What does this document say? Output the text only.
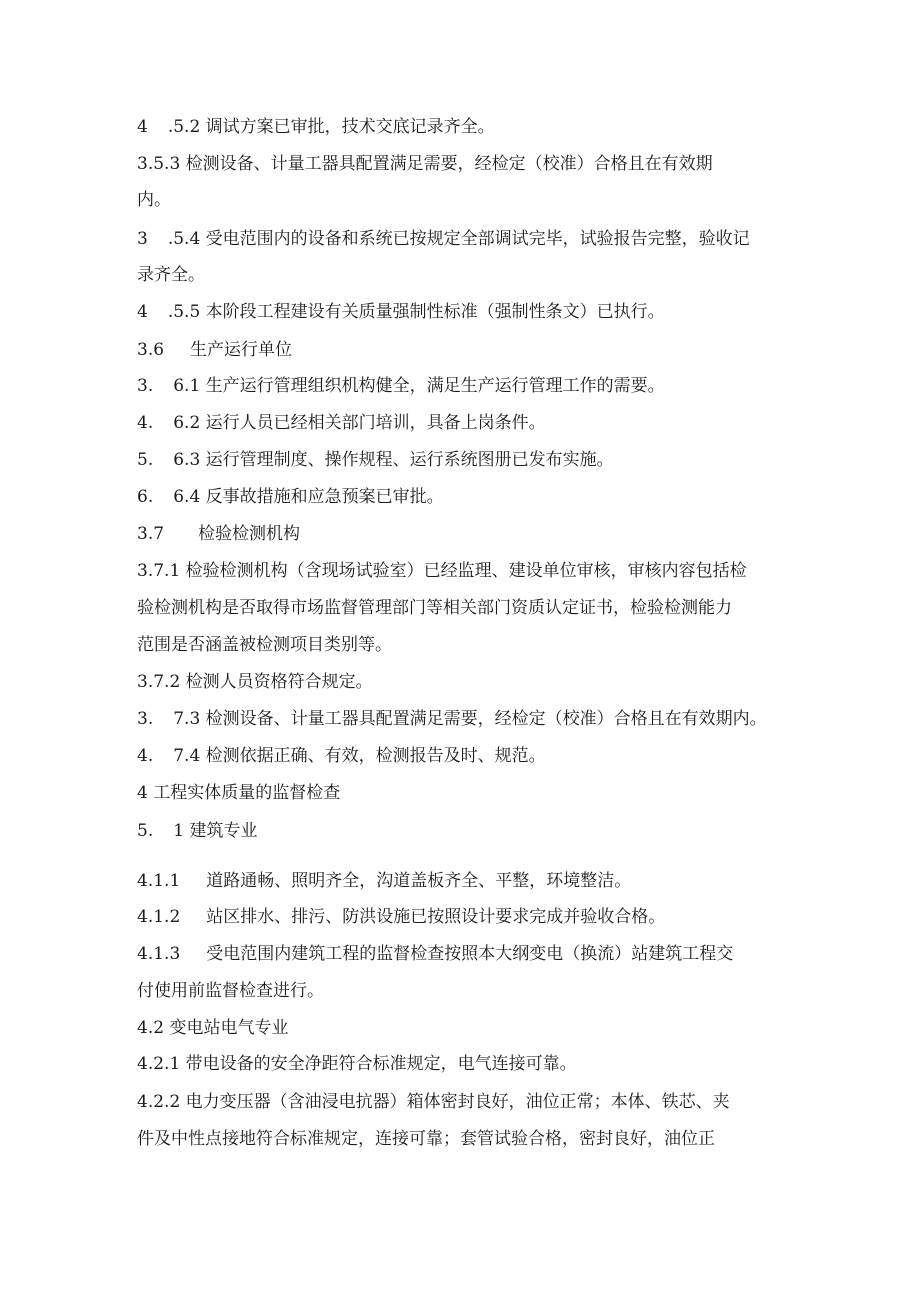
4 .5.2 调试方案已审批，技术交底记录齐全。
3.5.3 检测设备、计量工器具配置满足需要，经检定（校准）合格且在有效期
内。
3 .5.4 受电范围内的设备和系统已按规定全部调试完毕，试验报告完整，验收记
录齐全。
4 .5.5 本阶段工程建设有关质量强制性标准（强制性条文）已执行。
3.6 生产运行单位
3. 6.1 生产运行管理组织机构健全，满足生产运行管理工作的需要。
4. 6.2 运行人员已经相关部门培训，具备上岗条件。
5. 6.3 运行管理制度、操作规程、运行系统图册已发布实施。
6. 6.4 反事故措施和应急预案已审批。
3.7 检验检测机构
3.7.1 检验检测机构（含现场试验室）已经监理、建设单位审核，审核内容包括检
验检测机构是否取得市场监督管理部门等相关部门资质认定证书，检验检测能力
范围是否涵盖被检测项目类别等。
3.7.2 检测人员资格符合规定。
3. 7.3 检测设备、计量工器具配置满足需要，经检定（校准）合格且在有效期内。
4. 7.4 检测依据正确、有效，检测报告及时、规范。
4 工程实体质量的监督检查
5. 1 建筑专业
4.1.1 道路通畅、照明齐全，沟道盖板齐全、平整，环境整洁。
4.1.2 站区排水、排污、防洪设施已按照设计要求完成并验收合格。
4.1.3 受电范围内建筑工程的监督检查按照本大纲变电（换流）站建筑工程交
付使用前监督检查进行。
4.2 变电站电气专业
4.2.1 带电设备的安全净距符合标准规定，电气连接可靠。
4.2.2 电力变压器（含油浸电抗器）箱体密封良好，油位正常；本体、铁芯、夹
件及中性点接地符合标准规定，连接可靠；套管试验合格，密封良好，油位正
